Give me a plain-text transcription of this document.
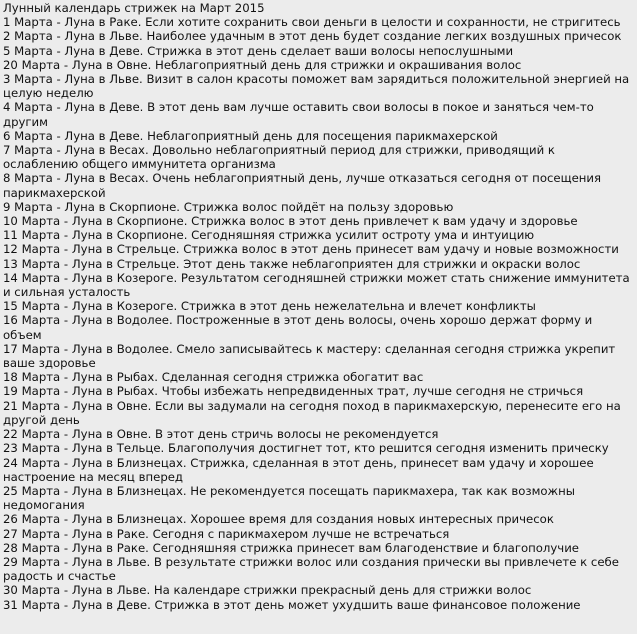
Лунный календарь стрижек на Март 2015
1 Марта - Луна в Раке. Если хотите сохранить свои деньги в целости и сохранности, не стригитесь
2 Марта - Луна в Льве. Наиболее удачным в этот день будет создание легких воздушных причесок
5 Марта - Луна в Деве. Стрижка в этот день сделает ваши волосы непослушными
20 Марта - Луна в Овне. Неблагоприятный день для стрижки и окрашивания волос
3 Марта - Луна в Льве. Визит в салон красоты поможет вам зарядиться положительной энергией на целую неделю
4 Марта - Луна в Деве. В этот день вам лучше оставить свои волосы в покое и заняться чем-то другим
6 Марта - Луна в Деве. Неблагоприятный день для посещения парикмахерской
7 Марта - Луна в Весах. Довольно неблагоприятный период для стрижки, приводящий к ослаблению общего иммунитета организма
8 Марта - Луна в Весах. Очень неблагоприятный день, лучше отказаться сегодня от посещения парикмахерской
9 Марта - Луна в Скорпионе. Стрижка волос пойдёт на пользу здоровью
10 Марта - Луна в Скорпионе. Стрижка волос в этот день привлечет к вам удачу и здоровье
11 Марта - Луна в Скорпионе. Сегодняшняя стрижка усилит остроту ума и интуицию
12 Марта - Луна в Стрельце. Стрижка волос в этот день принесет вам удачу и новые возможности
13 Марта - Луна в Стрельце. Этот день также неблагоприятен для стрижки и окраски волос
14 Марта - Луна в Козероге. Результатом сегодняшней стрижки может стать снижение иммунитета и сильная усталость
15 Марта - Луна в Козероге. Стрижка в этот день нежелательна и влечет конфликты
16 Марта - Луна в Водолее. Построженные в этот день волосы, очень хорошо держат форму и объем
17 Марта - Луна в Водолее. Смело записывайтесь к мастеру: сделанная сегодня стрижка укрепит ваше здоровье
18 Марта - Луна в Рыбах. Сделанная сегодня стрижка обогатит вас
19 Марта - Луна в Рыбах. Чтобы избежать непредвиденных трат, лучше сегодня не стричься
21 Марта - Луна в Овне. Если вы задумали на сегодня поход в парикмахерскую, перенесите его на другой день
22 Марта - Луна в Овне. В этот день стричь волосы не рекомендуется
23 Марта - Луна в Тельце. Благополучия достигнет тот, кто решится сегодня изменить прическу
24 Марта - Луна в Близнецах. Стрижка, сделанная в этот день, принесет вам удачу и хорошее настроение на месяц вперед
25 Марта - Луна в Близнецах. Не рекомендуется посещать парикмахера, так как возможны недомогания
26 Марта - Луна в Близнецах. Хорошее время для создания новых интересных причесок
27 Марта - Луна в Раке. Сегодня с парикмахером лучше не встречаться
28 Марта - Луна в Раке. Сегодняшняя стрижка принесет вам благоденствие и благополучие
29 Марта - Луна в Льве. В результате стрижки волос или создания прически вы привлечете к себе радость и счастье
30 Марта - Луна в Льве. На календаре стрижки прекрасный день для стрижки волос
31 Марта - Луна в Деве. Стрижка в этот день может ухудшить ваше финансовое положение
